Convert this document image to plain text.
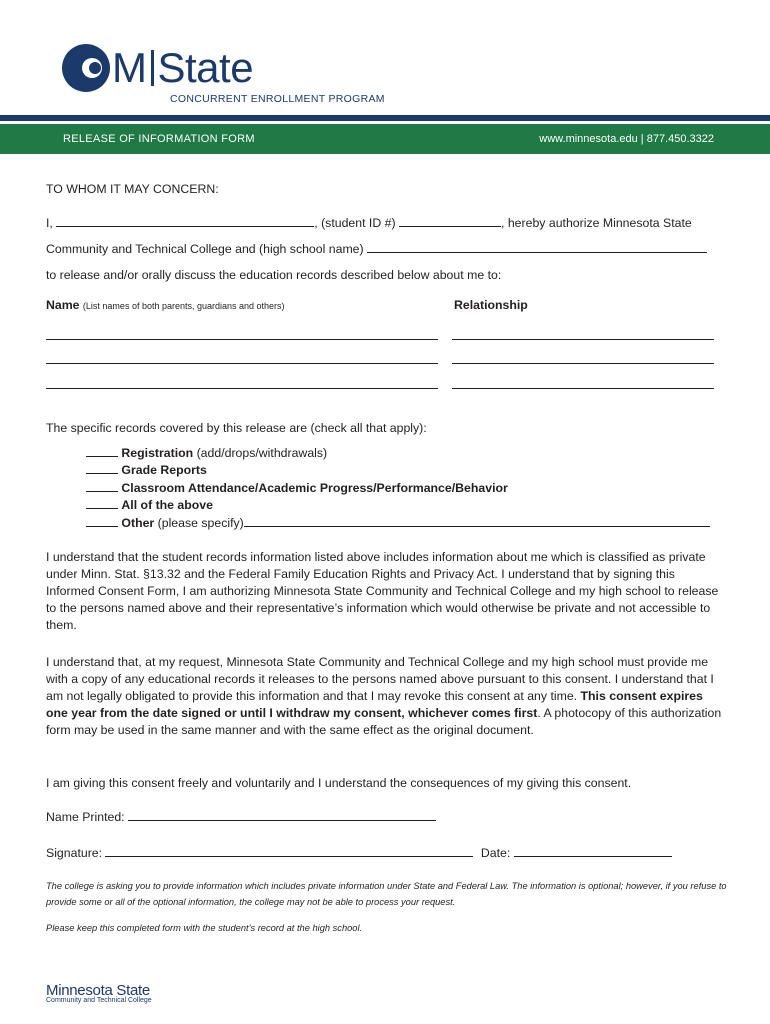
M State
CONCURRENT ENROLLMENT PROGRAM
RELEASE OF INFORMATION FORM	www.minnesota.edu | 877.450.3322
TO WHOM IT MAY CONCERN:
I,	, (student ID #)	, hereby authorize Minnesota State
Community and Technical College and (high school name)
to release and/or orally discuss the education records described below about me to:
Name (List names of both parents, guardians and others)	Relationship
The specific records covered by this release are (check all that apply):
Registration (add/drops/withdrawals)
Grade Reports
Classroom Attendance/Academic Progress/Performance/Behavior
All of the above
Other (please specify)
I understand that the student records information listed above includes information about me which is classified as private under Minn. Stat. §13.32 and the Federal Family Education Rights and Privacy Act. I understand that by signing this Informed Consent Form, I am authorizing Minnesota State Community and Technical College and my high school to release to the persons named above and their representative’s information which would otherwise be private and not accessible to them.
I understand that, at my request, Minnesota State Community and Technical College and my high school must provide me with a copy of any educational records it releases to the persons named above pursuant to this consent. I understand that I am not legally obligated to provide this information and that I may revoke this consent at any time. This consent expires one year from the date signed or until I withdraw my consent, whichever comes first. A photocopy of this authorization form may be used in the same manner and with the same effect as the original document.
I am giving this consent freely and voluntarily and I understand the consequences of my giving this consent.
Name Printed:
Signature:	Date:
The college is asking you to provide information which includes private information under State and Federal Law. The information is optional; however, if you refuse to provide some or all of the optional information, the college may not be able to process your request.
Please keep this completed form with the student’s record at the high school.
Minnesota State
Community and Technical College
